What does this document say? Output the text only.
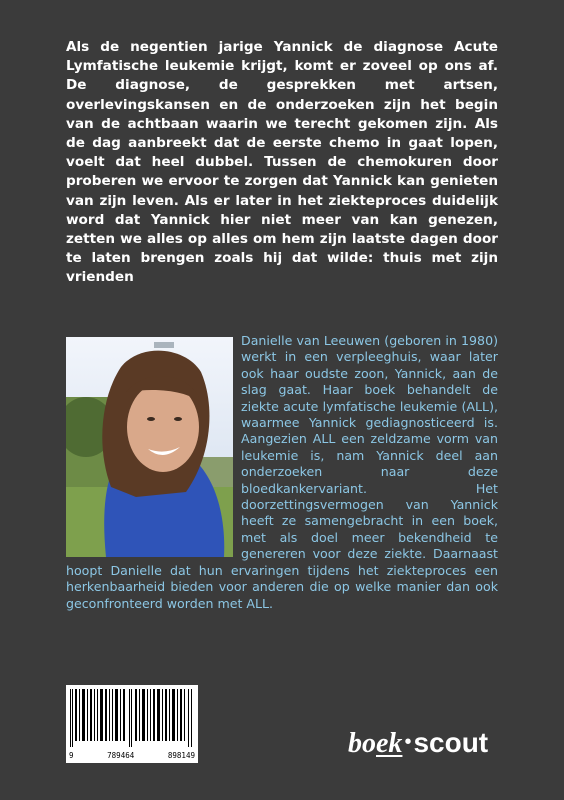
Als de negentien jarige Yannick de diagnose Acute Lymfatische leukemie krijgt, komt er zoveel op ons af. De diagnose, de gesprekken met artsen, overlevingskansen en de onderzoeken zijn het begin van de achtbaan waarin we terecht gekomen zijn. Als de dag aanbreekt dat de eerste chemo in gaat lopen, voelt dat heel dubbel. Tussen de chemokuren door proberen we ervoor te zorgen dat Yannick kan genieten van zijn leven. Als er later in het ziekteproces duidelijk word dat Yannick hier niet meer van kan genezen, zetten we alles op alles om hem zijn laatste dagen door te laten brengen zoals hij dat wilde: thuis met zijn vrienden

Danielle van Leeuwen (geboren in 1980) werkt in een verpleeghuis, waar later ook haar oudste zoon, Yannick, aan de slag gaat. Haar boek behandelt de ziekte acute lymfatische leukemie (ALL), waarmee Yannick gediagnosticeerd is. Aangezien ALL een zeldzame vorm van leukemie is, nam Yannick deel aan onderzoeken naar deze bloedkankervariant. Het doorzettingsvermogen van Yannick heeft ze samengebracht in een boek, met als doel meer bekendheid te genereren voor deze ziekte. Daarnaast hoopt Danielle dat hun ervaringen tijdens het ziekteproces een herkenbaarheid bieden voor anderen die op welke manier dan ook geconfronteerd worden met ALL.

9	789464	898149	boek •scout
